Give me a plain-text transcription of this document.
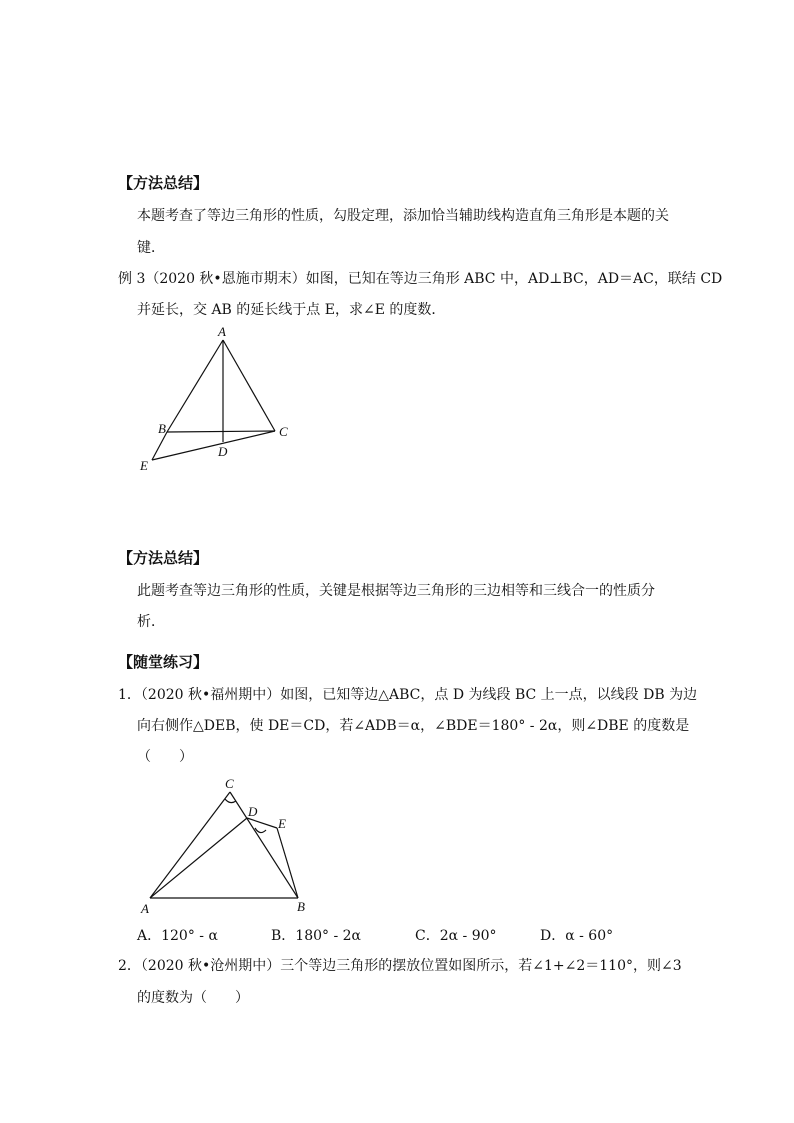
【方法总结】
本题考查了等边三角形的性质，勾股定理，添加恰当辅助线构造直角三角形是本题的关
键．
例 3（2020 秋•恩施市期末）如图，已知在等边三角形 ABC 中，AD⊥BC，AD＝AC，联结 CD
并延长，交 AB 的延长线于点 E，求∠E 的度数．
A
B	C
D
E
【方法总结】
此题考查等边三角形的性质，关键是根据等边三角形的三边相等和三线合一的性质分
析．
【随堂练习】
1．（2020 秋•福州期中）如图，已知等边△ABC，点 D 为线段 BC 上一点，以线段 DB 为边
向右侧作△DEB，使 DE＝CD，若∠ADB＝α，∠BDE＝180° - 2α，则∠DBE 的度数是
（　　）
C
D
E
A	B
A．120° - α	B．180° - 2α	C．2α - 90°	D．α - 60°
2．（2020 秋•沧州期中）三个等边三角形的摆放位置如图所示，若∠1+∠2＝110°，则∠3
的度数为（　　）
